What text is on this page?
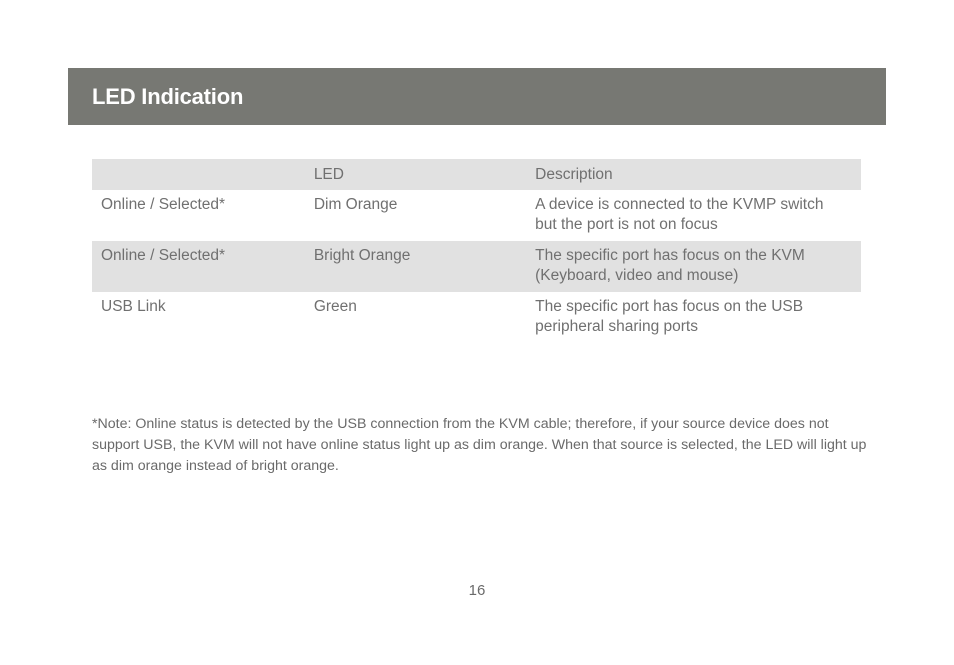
LED Indication
	LED	Description
Online / Selected*	Dim Orange	A device is connected to the KVMP switch but the port is not on focus
Online / Selected*	Bright Orange	The specific port has focus on the KVM (Keyboard, video and mouse)
USB Link	Green	The specific port has focus on the USB peripheral sharing ports
*Note: Online status is detected by the USB connection from the KVM cable; therefore, if your source device does not support USB, the KVM will not have online status light up as dim orange. When that source is selected, the LED will light up as dim orange instead of bright orange.
16
